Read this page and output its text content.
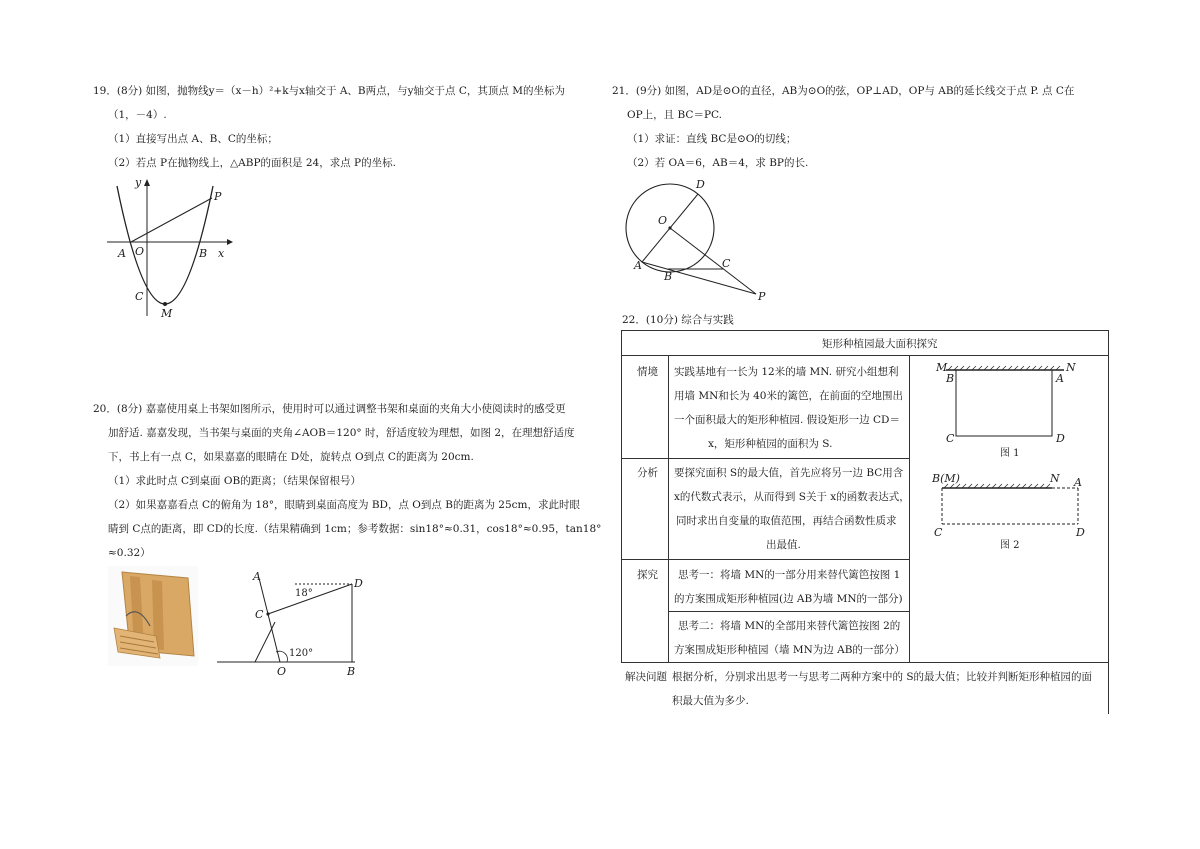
19．(8分) 如图，抛物线y＝（x－h）²+k与x轴交于 A、B两点，与y轴交于点 C，其顶点 M的坐标为
（1，－4）.
（1）直接写出点 A、B、C的坐标；
（2）若点 P在抛物线上，△ABP的面积是 24，求点 P的坐标.
y
P
A O	B x
C
M
20．(8分) 嘉嘉使用桌上书架如图所示，使用时可以通过调整书架和桌面的夹角大小使阅读时的感受更
加舒适. 嘉嘉发现，当书架与桌面的夹角∠AOB＝120° 时，舒适度较为理想，如图 2，在理想舒适度
下，书上有一点 C，如果嘉嘉的眼睛在 D处，旋转点 O到点 C的距离为 20cm.
（1）求此时点 C到桌面 OB的距离；（结果保留根号）
（2）如果嘉嘉看点 C的俯角为 18°，眼睛到桌面高度为 BD，点 O到点 B的距离为 25cm，求此时眼
睛到 C点的距离，即 CD的长度.（结果精确到 1cm；参考数据：sin18°≈0.31，cos18°≈0.95，tan18°
≈0.32）
A
C
D
18°
120°
O	B
21．(9分) 如图，AD是⊙O的直径，AB为⊙O的弦，OP⊥AD，OP与 AB的延长线交于点 P. 点 C在
OP上，且 BC＝PC.
（1）求证：直线 BC是⊙O的切线；
（2）若 OA＝6，AB＝4，求 BP的长.
D
O
A
B
C
P
22．(10分) 综合与实践
矩形种植园最大面积探究
情境 实践基地有一长为 12米的墙 MN. 研究小组想利
用墙 MN和长为 40米的篱笆，在前面的空地围出
一个面积最大的矩形种植园. 假设矩形一边 CD＝
x，矩形种植园的面积为 S.
分析 要探究面积 S的最大值，首先应将另一边 BC用含
x的代数式表示，从而得到 S关于 x的函数表达式，
同时求出自变量的取值范围，再结合函数性质求
出最值.
探究 思考一：将墙 MN的一部分用来替代篱笆按图 1
的方案围成矩形种植园(边 AB为墙 MN的一部分)
思考二：将墙 MN的全部用来替代篱笆按图 2的
方案围成矩形种植园（墙 MN为边 AB的一部分）
解决问题 根据分析，分别求出思考一与思考二两种方案中的 S的最大值；比较并判断矩形种植园的面
积最大值为多少.
M	N
B	A
C	D
图 1
B(M)	N A
C	D
图 2
